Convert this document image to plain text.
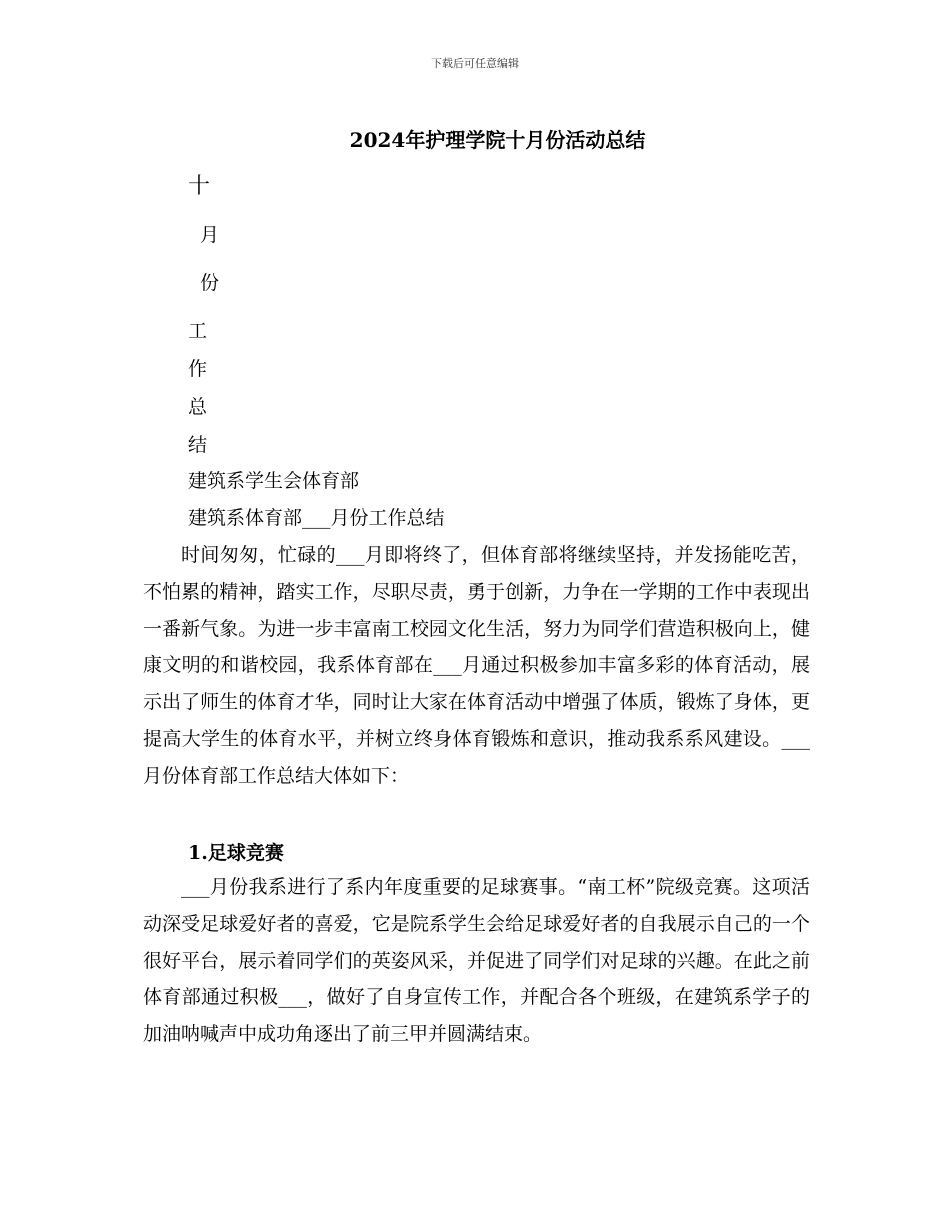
下载后可任意编辑
2024年护理学院十月份活动总结
十
月
份
工
作
总
结
建筑系学生会体育部
建筑系体育部___月份工作总结

时间匆匆，忙碌的___月即将终了，但体育部将继续坚持，并发扬能吃苦，不怕累的精神，踏实工作，尽职尽责，勇于创新，力争在一学期的工作中表现出一番新气象。为进一步丰富南工校园文化生活，努力为同学们营造积极向上，健康文明的和谐校园，我系体育部在___月通过积极参加丰富多彩的体育活动，展示出了师生的体育才华，同时让大家在体育活动中增强了体质，锻炼了身体，更提高大学生的体育水平，并树立终身体育锻炼和意识，推动我系系风建设。___月份体育部工作总结大体如下：

1.足球竞赛

___月份我系进行了系内年度重要的足球赛事。“南工杯”院级竞赛。这项活动深受足球爱好者的喜爱，它是院系学生会给足球爱好者的自我展示自己的一个很好平台，展示着同学们的英姿风采，并促进了同学们对足球的兴趣。在此之前体育部通过积极___，做好了自身宣传工作，并配合各个班级，在建筑系学子的加油呐喊声中成功角逐出了前三甲并圆满结束。
